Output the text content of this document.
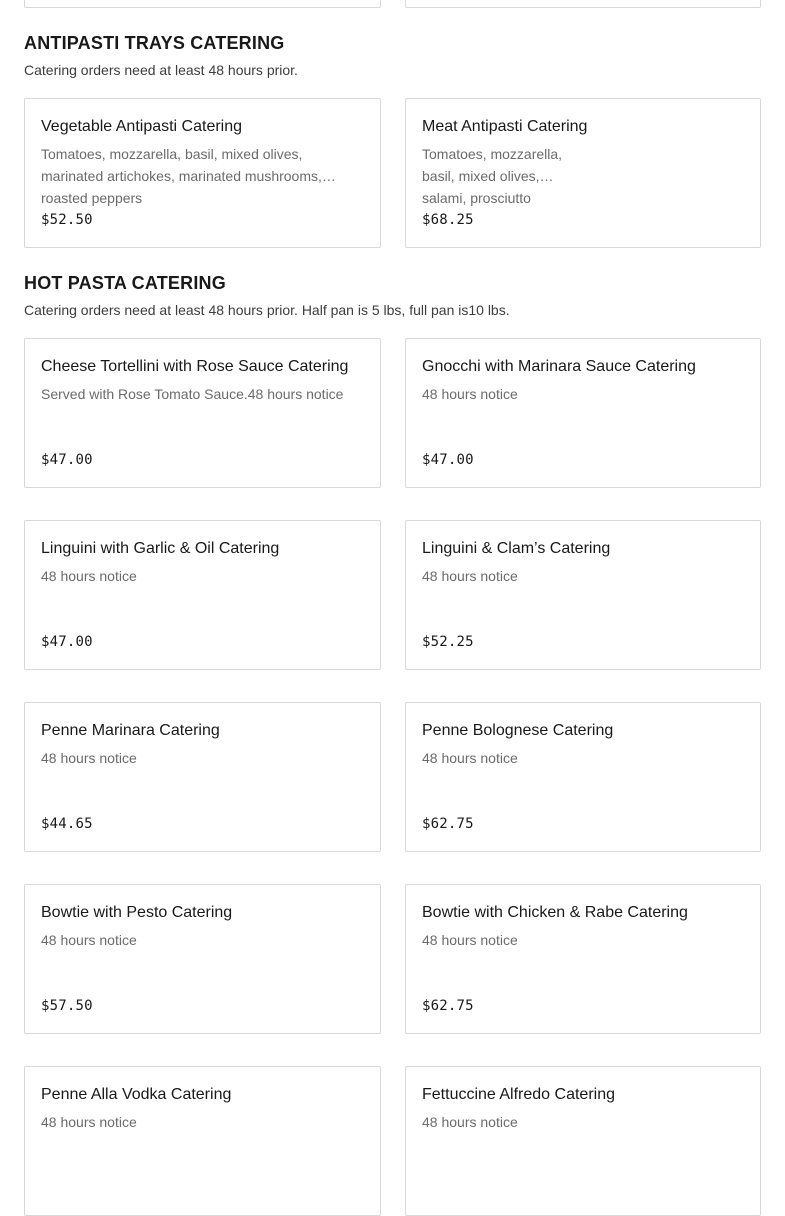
ANTIPASTI TRAYS CATERING
Catering orders need at least 48 hours prior.
Vegetable Antipasti Catering
Tomatoes, mozzarella, basil, mixed olives, marinated artichokes, marinated mushrooms, roasted peppers
$52.50
Meat Antipasti Catering
Tomatoes, mozzarella, basil, mixed olives, salami, prosciutto
$68.25
HOT PASTA CATERING
Catering orders need at least 48 hours prior. Half pan is 5 lbs, full pan is10 lbs.
Cheese Tortellini with Rose Sauce Catering
Served with Rose Tomato Sauce.48 hours notice
$47.00
Gnocchi with Marinara Sauce Catering
48 hours notice
$47.00
Linguini with Garlic & Oil Catering
48 hours notice
$47.00
Linguini & Clam’s Catering
48 hours notice
$52.25
Penne Marinara Catering
48 hours notice
$44.65
Penne Bolognese Catering
48 hours notice
$62.75
Bowtie with Pesto Catering
48 hours notice
$57.50
Bowtie with Chicken & Rabe Catering
48 hours notice
$62.75
Penne Alla Vodka Catering
48 hours notice
Fettuccine Alfredo Catering
48 hours notice
